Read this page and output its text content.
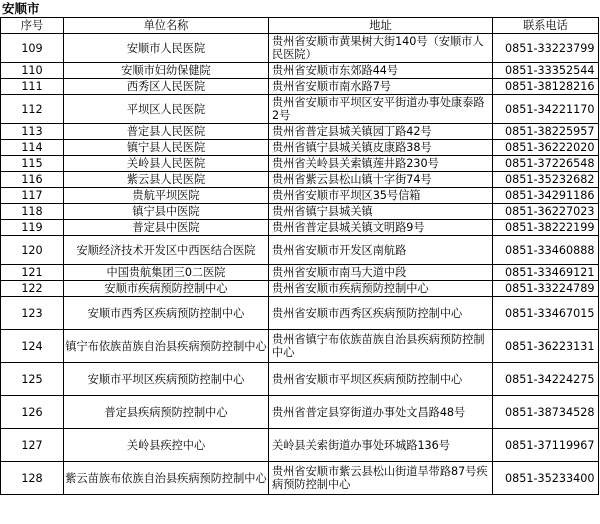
安顺市
序号	单位名称	地址	联系电话
109	安顺市人民医院	贵州省安顺市黄果树大街140号（安顺市人民医院）	0851-33223799
110	安顺市妇幼保健院	贵州省安顺市东郊路44号	0851-33352544
111	西秀区人民医院	贵州省安顺市南水路7号	0851-38128216
112	平坝区人民医院	贵州省安顺市平坝区安平街道办事处康泰路2号	0851-34221170
113	普定县人民医院	贵州省普定县城关镇园丁路42号	0851-38225957
114	镇宁县人民医院	贵州省镇宁县城关镇皮康路38号	0851-36222020
115	关岭县人民医院	贵州省关岭县关索镇莲井路230号	0851-37226548
116	紫云县人民医院	贵州省紫云县松山镇十字街74号	0851-35232682
117	贵航平坝医院	贵州省安顺市平坝区35号信箱	0851-34291186
118	镇宁县中医院	贵州省镇宁县城关镇	0851-36227023
119	普定县中医院	贵州省普定县城关镇文明路9号	0851-38222199
120	安顺经济技术开发区中西医结合医院	贵州省安顺市开发区南航路	0851-33460888
121	中国贵航集团三0二医院	贵州省安顺市南马大道中段	0851-33469121
122	安顺市疾病预防控制中心	贵州省安顺市疾病预防控制中心	0851-33224789
123	安顺市西秀区疾病预防控制中心	贵州省安顺市西秀区疾病预防控制中心	0851-33467015
124	镇宁布依族苗族自治县疾病预防控制中心	贵州省镇宁布依族苗族自治县疾病预防控制中心	0851-36223131
125	安顺市平坝区疾病预防控制中心	贵州省安顺市平坝区疾病预防控制中心	0851-34224275
126	普定县疾病预防控制中心	贵州省普定县穿街道办事处文昌路48号	0851-38734528
127	关岭县疾控中心	关岭县关索街道办事处环城路136号	0851-37119967
128	紫云苗族布依族自治县疾病预防控制中心	贵州省安顺市紫云县松山街道旱带路87号疾病预防控制中心	0851-35233400
